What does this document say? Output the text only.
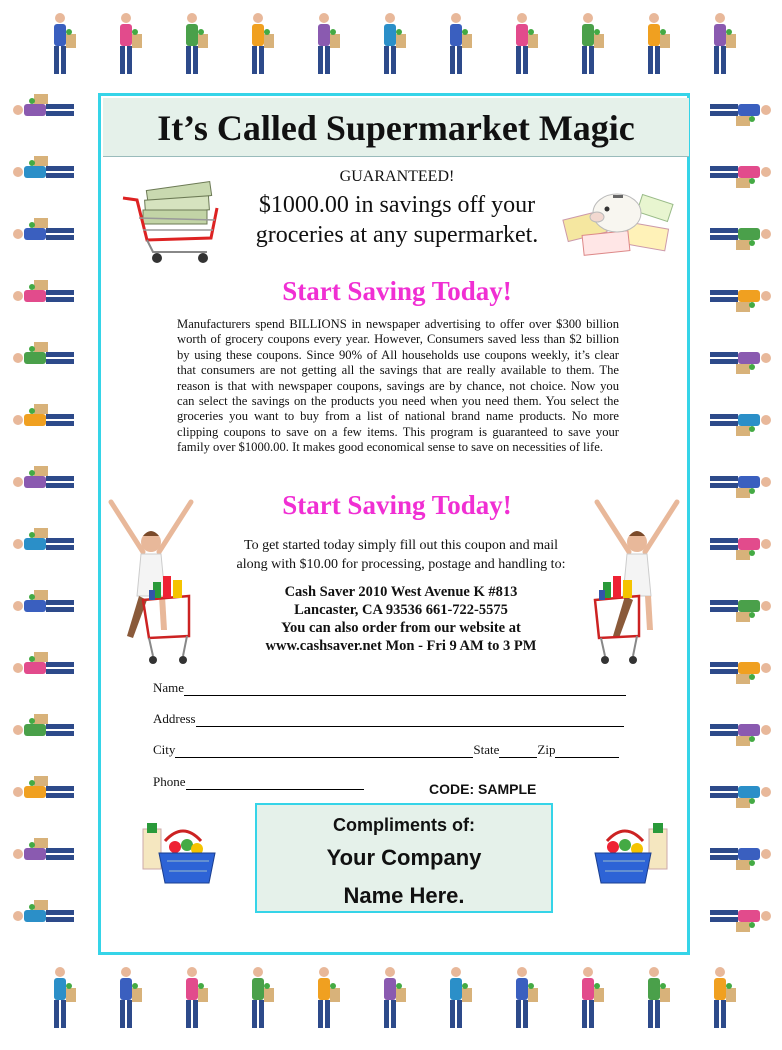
It’s Called Supermarket Magic
GUARANTEED!
$1000.00 in savings off your
groceries at any supermarket.
Start Saving Today!
Manufacturers spend BILLIONS in newspaper advertising to offer over $300 billion worth of grocery coupons every year. However, Consumers saved less than $2 billion by using these coupons. Since 90% of All households use coupons weekly, it’s clear that consumers are not getting all the savings that are really available to them. The reason is that with newspaper coupons, savings are by chance, not choice. Now you can select the savings on the products you need when you need them. You select the groceries you want to buy from a list of national brand name products. No more clipping coupons to save on a few items. This program is guaranteed to save your family over $1000.00. It makes good economical sense to save on necessities of life.
Start Saving Today!
To get started today simply fill out this coupon and mail
along with $10.00 for processing, postage and handling to:
Cash Saver 2010 West Avenue K #813
Lancaster, CA 93536 661-722-5575
You can also order from our website at
www.cashsaver.net Mon - Fri 9 AM to 3 PM
Name
Address
City	State	Zip
Phone	CODE: SAMPLE
Compliments of:
Your Company
Name Here.
